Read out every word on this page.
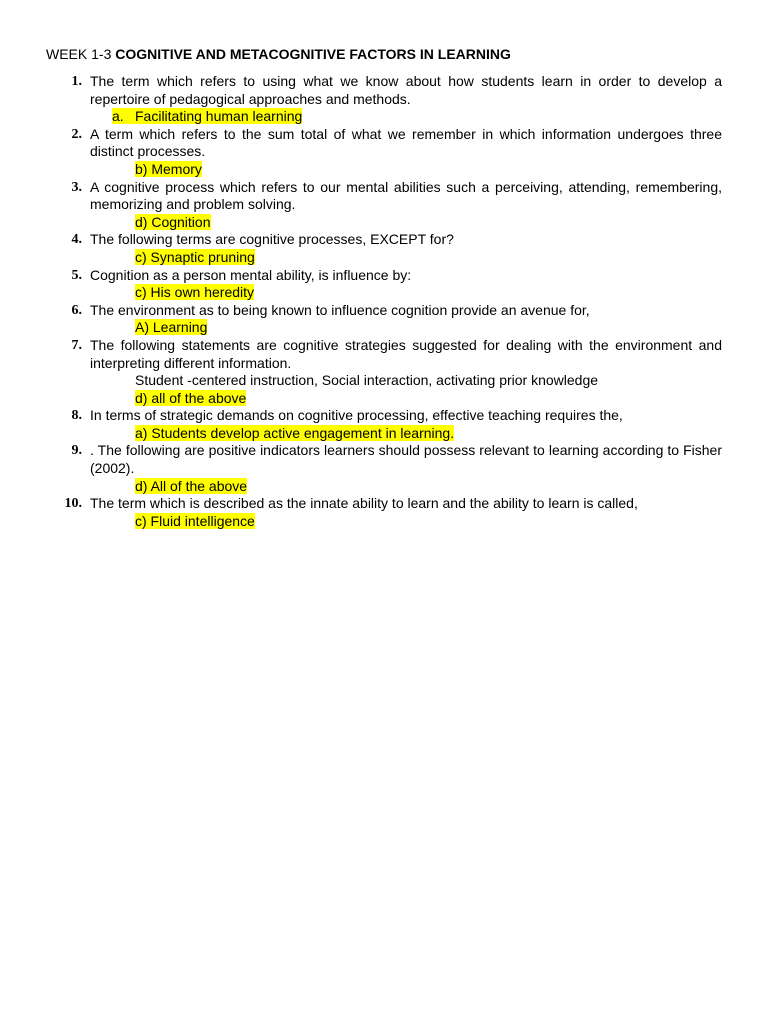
WEEK 1-3 COGNITIVE AND METACOGNITIVE FACTORS IN LEARNING
1. The term which refers to using what we know about how students learn in order to develop a repertoire of pedagogical approaches and methods.
a. Facilitating human learning
2. A term which refers to the sum total of what we remember in which information undergoes three distinct processes.
b) Memory
3. A cognitive process which refers to our mental abilities such a perceiving, attending, remembering, memorizing and problem solving.
d) Cognition
4. The following terms are cognitive processes, EXCEPT for?
c) Synaptic pruning
5. Cognition as a person mental ability, is influence by:
c) His own heredity
6. The environment as to being known to influence cognition provide an avenue for,
A) Learning
7. The following statements are cognitive strategies suggested for dealing with the environment and interpreting different information.
Student -centered instruction, Social interaction, activating prior knowledge
d) all of the above
8. In terms of strategic demands on cognitive processing, effective teaching requires the,
a) Students develop active engagement in learning.
9. . The following are positive indicators learners should possess relevant to learning according to Fisher (2002).
d) All of the above
10. The term which is described as the innate ability to learn and the ability to learn is called,
c) Fluid intelligence
